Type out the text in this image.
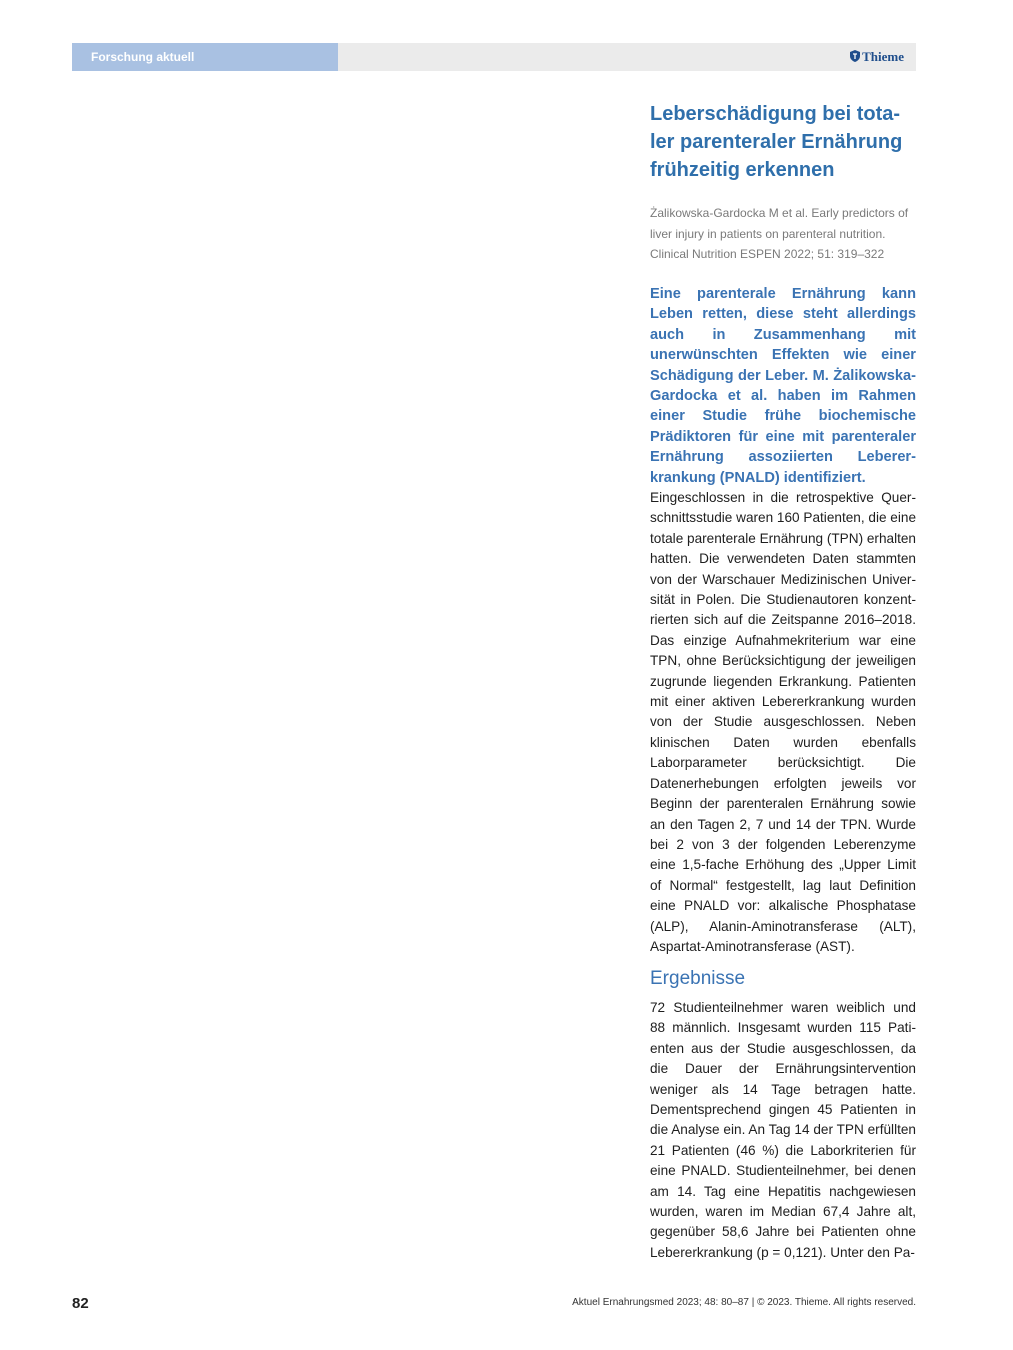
Forschung aktuell	Thieme
Leberschädigung bei totaler parenteraler Ernährung frühzeitig erkennen
Żalikowska-Gardocka M et al. Early predictors of liver injury in patients on parenteral nutrition. Clinical Nutrition ESPEN 2022; 51: 319–322
Eine parenterale Ernährung kann Leben retten, diese steht allerdings auch in Zusammenhang mit unerwünschten Effekten wie einer Schädigung der Leber. M. Żalikowska-Gardocka et al. haben im Rahmen einer Studie frühe biochemische Prädiktoren für eine mit parenteraler Ernährung assoziierten Lebererkrankung (PNALD) identifiziert.
Eingeschlossen in die retrospektive Querschnittsstudie waren 160 Patienten, die eine totale parenterale Ernährung (TPN) erhalten hatten. Die verwendeten Daten stammten von der Warschauer Medizinischen Universität in Polen. Die Studienautoren konzentrierten sich auf die Zeitspanne 2016–2018. Das einzige Aufnahmekriterium war eine TPN, ohne Berücksichtigung der jeweiligen zugrunde liegenden Erkrankung. Patienten mit einer aktiven Lebererkrankung wurden von der Studie ausgeschlossen. Neben klinischen Daten wurden ebenfalls Laborparameter berücksichtigt. Die Datenerhebungen erfolgten jeweils vor Beginn der parenteralen Ernährung sowie an den Tagen 2, 7 und 14 der TPN. Wurde bei 2 von 3 der folgenden Leberenzyme eine 1,5-fache Erhöhung des „Upper Limit of Normal“ festgestellt, lag laut Definition eine PNALD vor: alkalische Phosphatase (ALP), Alanin-Aminotransferase (ALT), Aspartat-Aminotransferase (AST).
Ergebnisse
72 Studienteilnehmer waren weiblich und 88 männlich. Insgesamt wurden 115 Patienten aus der Studie ausgeschlossen, da die Dauer der Ernährungsintervention weniger als 14 Tage betragen hatte. Dementsprechend gingen 45 Patienten in die Analyse ein. An Tag 14 der TPN erfüllten 21 Patienten (46 %) die Laborkriterien für eine PNALD. Studienteilnehmer, bei denen am 14. Tag eine Hepatitis nachgewiesen wurden, waren im Median 67,4 Jahre alt, gegenüber 58,6 Jahre bei Patienten ohne Lebererkrankung (p = 0,121). Unter den Pa-
82	Aktuel Ernahrungsmed 2023; 48: 80–87 | © 2023. Thieme. All rights reserved.
